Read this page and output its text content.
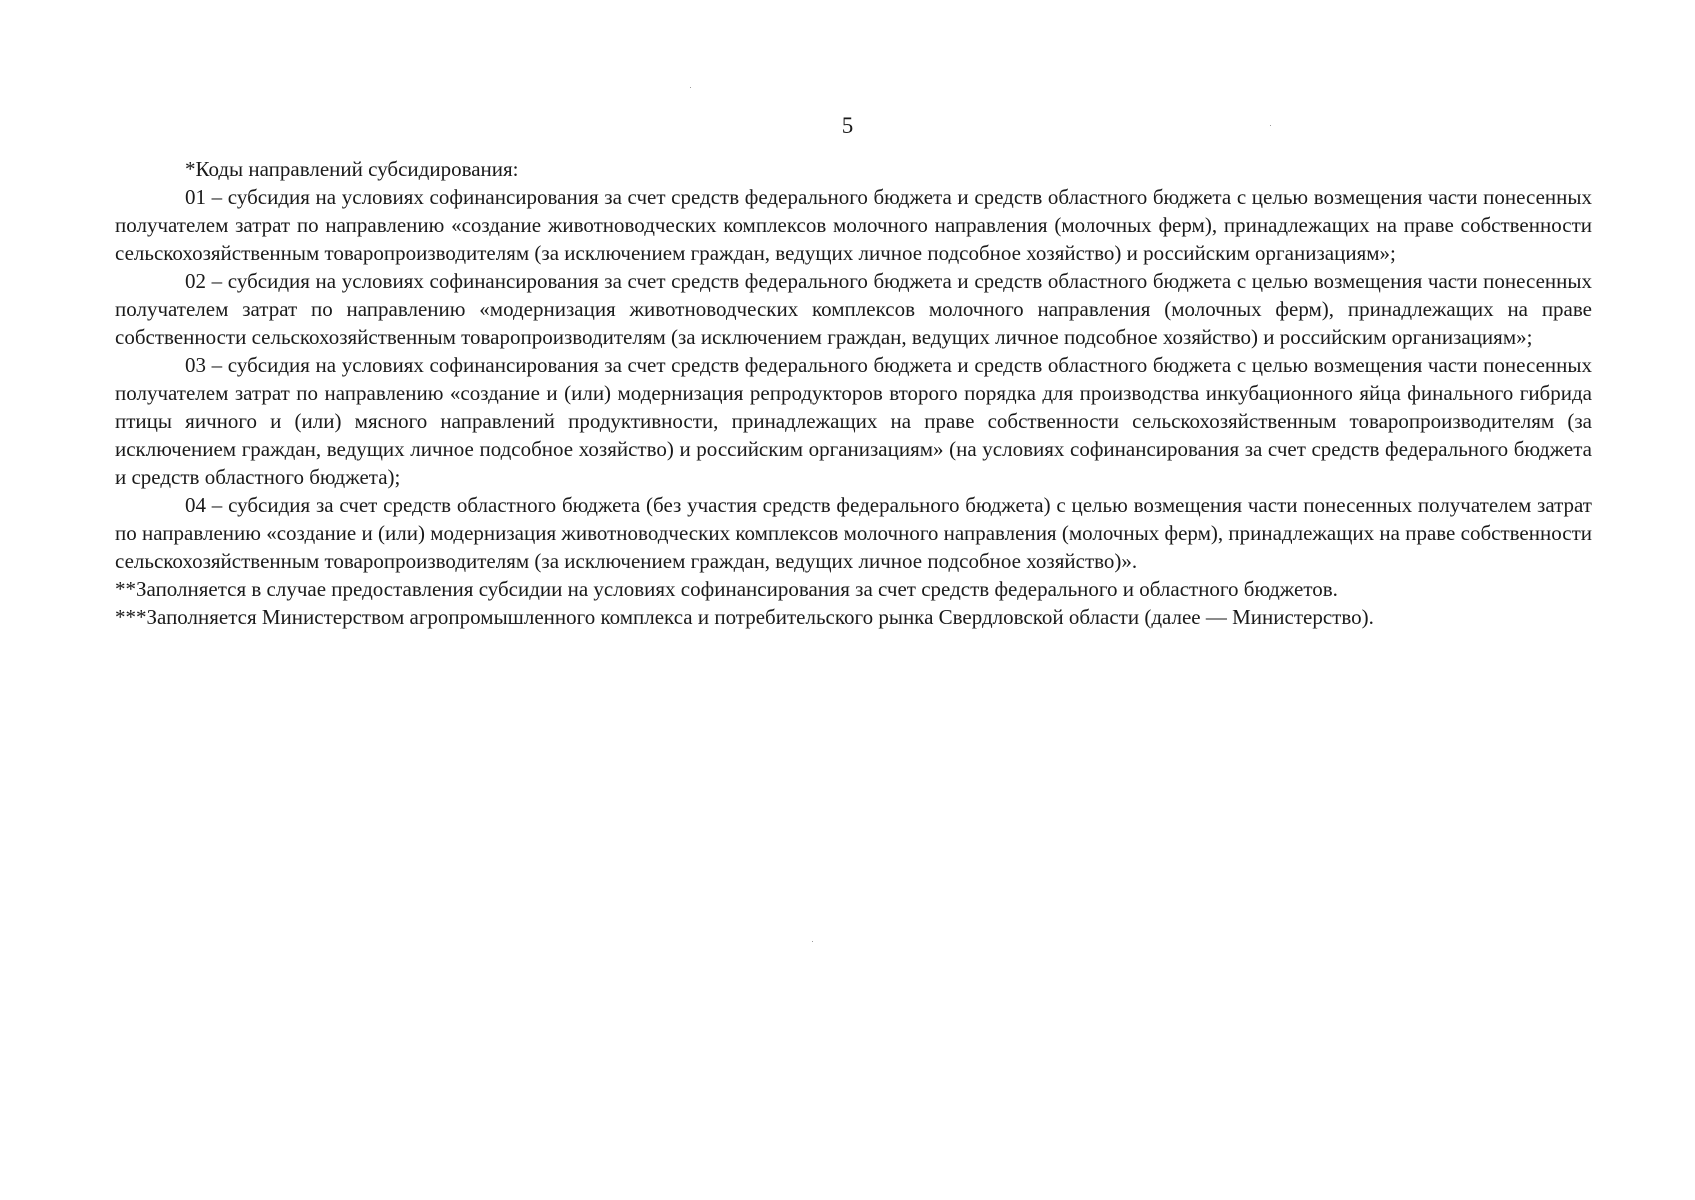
5

*Коды направлений субсидирования:

01 – субсидия на условиях софинансирования за счет средств федерального бюджета и средств областного бюджета с целью возмещения части понесенных получателем затрат по направлению «создание животноводческих комплексов молочного направления (молочных ферм), принадлежащих на праве собственности сельскохозяйственным товаропроизводителям (за исключением граждан, ведущих личное подсобное хозяйство) и российским организациям»;

02 – субсидия на условиях софинансирования за счет средств федерального бюджета и средств областного бюджета с целью возмещения части понесенных получателем затрат по направлению «модернизация животноводческих комплексов молочного направления (молочных ферм), принадлежащих на праве собственности сельскохозяйственным товаропроизводителям (за исключением граждан, ведущих личное подсобное хозяйство) и российским организациям»;

03 – субсидия на условиях софинансирования за счет средств федерального бюджета и средств областного бюджета с целью возмещения части понесенных получателем затрат по направлению «создание и (или) модернизация репродукторов второго порядка для производства инкубационного яйца финального гибрида птицы яичного и (или) мясного направлений продуктивности, принадлежащих на праве собственности сельскохозяйственным товаропроизводителям (за исключением граждан, ведущих личное подсобное хозяйство) и российским организациям» (на условиях софинансирования за счет средств федерального бюджета и средств областного бюджета);

04 – субсидия за счет средств областного бюджета (без участия средств федерального бюджета) с целью возмещения части понесенных получателем затрат по направлению «создание и (или) модернизация животноводческих комплексов молочного направления (молочных ферм), принадлежащих на праве собственности сельскохозяйственным товаропроизводителям (за исключением граждан, ведущих личное подсобное хозяйство)».

**Заполняется в случае предоставления субсидии на условиях софинансирования за счет средств федерального и областного бюджетов.

***Заполняется Министерством агропромышленного комплекса и потребительского рынка Свердловской области (далее — Министерство).
